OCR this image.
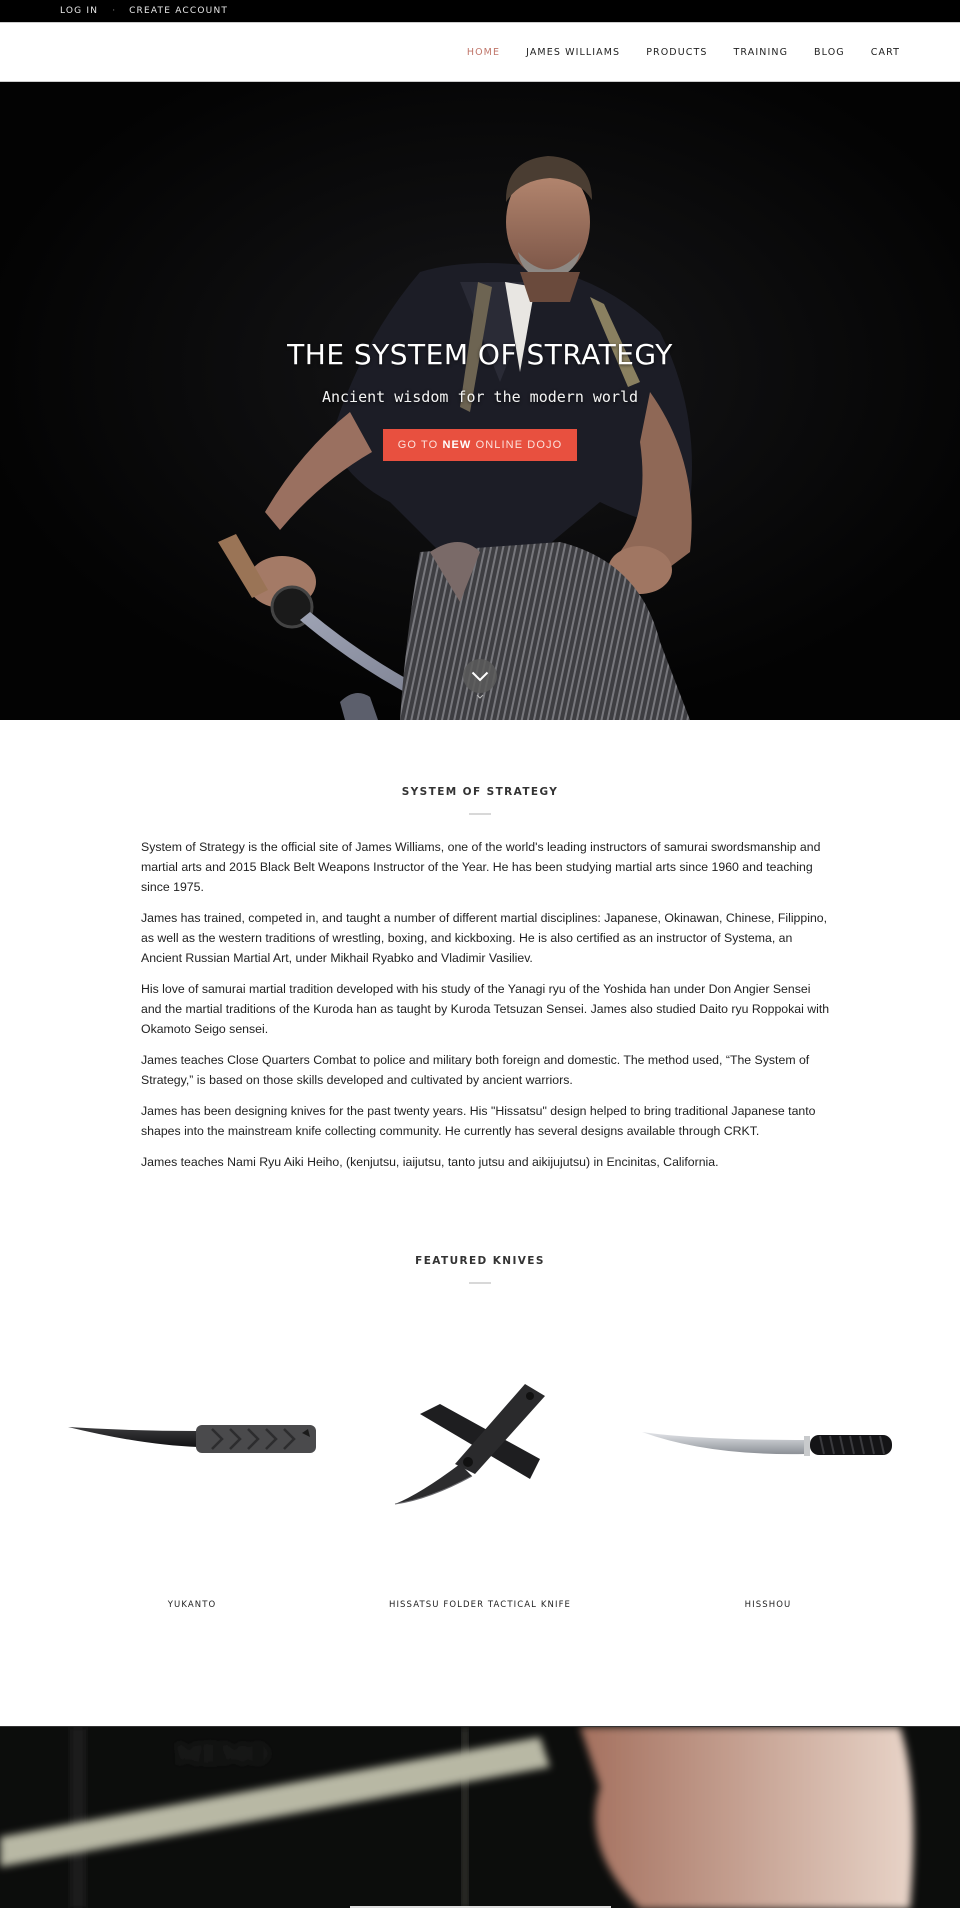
LOG IN · CREATE ACCOUNT
HOME	JAMES WILLIAMS	PRODUCTS	TRAINING	BLOG	CART
THE SYSTEM OF STRATEGY
Ancient wisdom for the modern world
GO TO NEW ONLINE DOJO
SYSTEM OF STRATEGY

System of Strategy is the official site of James Williams, one of the world's leading instructors of samurai swordsmanship and martial arts and 2015 Black Belt Weapons Instructor of the Year. He has been studying martial arts since 1960 and teaching since 1975.

James has trained, competed in, and taught a number of different martial disciplines: Japanese, Okinawan, Chinese, Filippino, as well as the western traditions of wrestling, boxing, and kickboxing. He is also certified as an instructor of Systema, an Ancient Russian Martial Art, under Mikhail Ryabko and Vladimir Vasiliev.

His love of samurai martial tradition developed with his study of the Yanagi ryu of the Yoshida han under Don Angier Sensei and the martial traditions of the Kuroda han as taught by Kuroda Tetsuzan Sensei. James also studied Daito ryu Roppokai with Okamoto Seigo sensei.

James teaches Close Quarters Combat to police and military both foreign and domestic. The method used, “The System of Strategy,” is based on those skills developed and cultivated by ancient warriors.

James has been designing knives for the past twenty years. His "Hissatsu" design helped to bring traditional Japanese tanto shapes into the mainstream knife collecting community. He currently has several designs available through CRKT.

James teaches Nami Ryu Aiki Heiho, (kenjutsu, iaijutsu, tanto jutsu and aikijujutsu) in Encinitas, California.

FEATURED KNIVES
YUKANTO	HISSATSU FOLDER TACTICAL KNIFE	HISSHOU
MEMO
